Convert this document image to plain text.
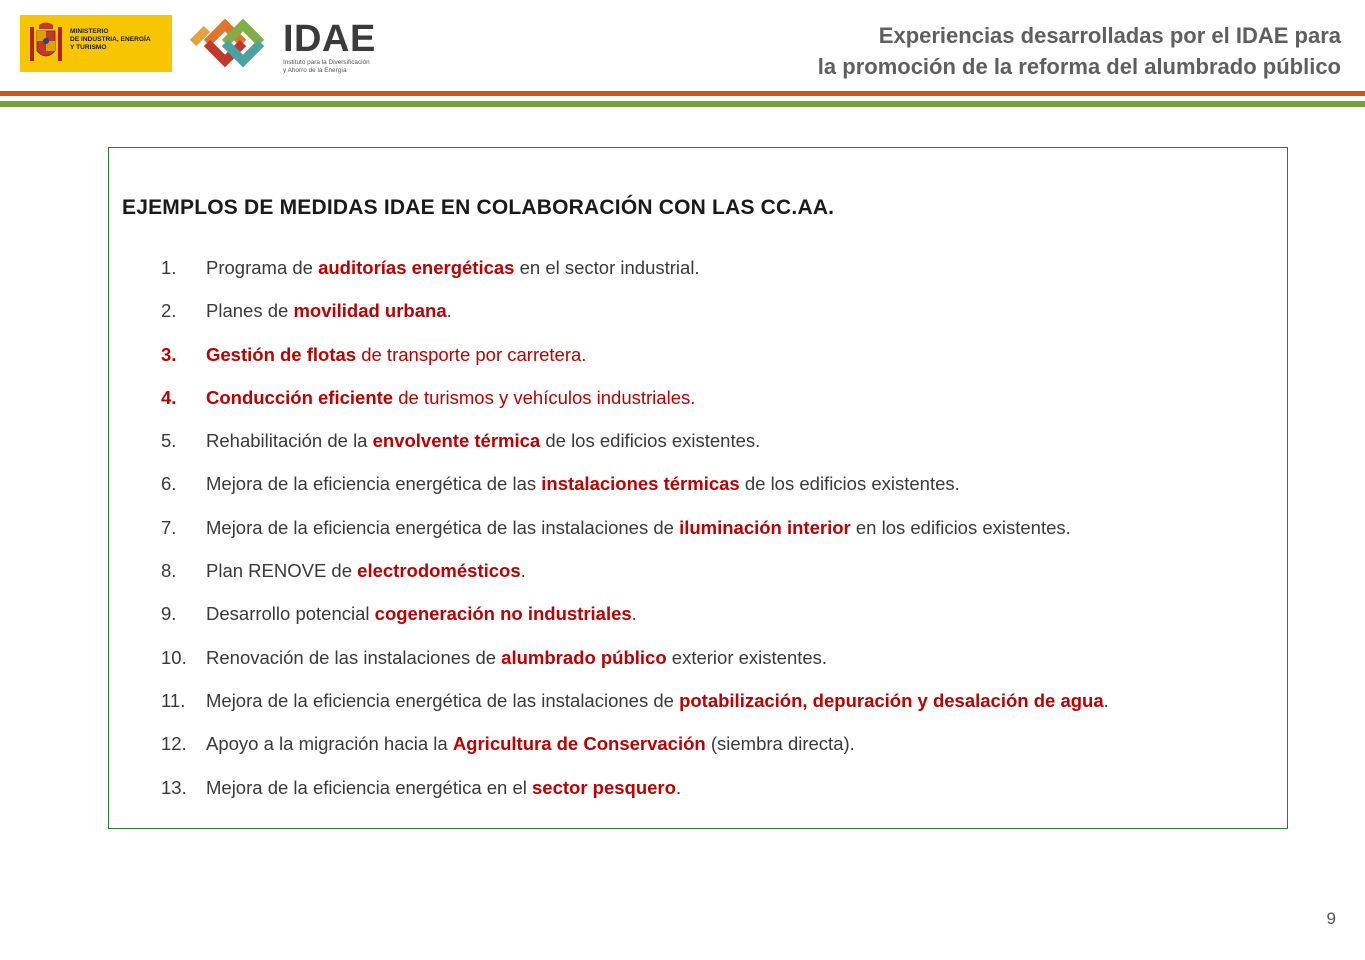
MINISTERIO
DE INDUSTRIA, ENERGÍA
Y TURISMO	IDAE
Instituto para la Diversificación
y Ahorro de la Energía
Experiencias desarrolladas por el IDAE para
la promoción de la reforma del alumbrado público
EJEMPLOS DE MEDIDAS IDAE EN COLABORACIÓN CON LAS CC.AA.
1.	Programa de auditorías energéticas en el sector industrial.
2.	Planes de movilidad urbana.
3.	Gestión de flotas de transporte por carretera.
4.	Conducción eficiente de turismos y vehículos industriales.
5.	Rehabilitación de la envolvente térmica de los edificios existentes.
6.	Mejora de la eficiencia energética de las instalaciones térmicas de los edificios existentes.
7.	Mejora de la eficiencia energética de las instalaciones de iluminación interior en los edificios existentes.
8.	Plan RENOVE de electrodomésticos.
9.	Desarrollo potencial cogeneración no industriales.
10.	Renovación de las instalaciones de alumbrado público exterior existentes.
11.	Mejora de la eficiencia energética de las instalaciones de potabilización, depuración y desalación de agua.
12.	Apoyo a la migración hacia la Agricultura de Conservación (siembra directa).
13.	Mejora de la eficiencia energética en el sector pesquero.
9
